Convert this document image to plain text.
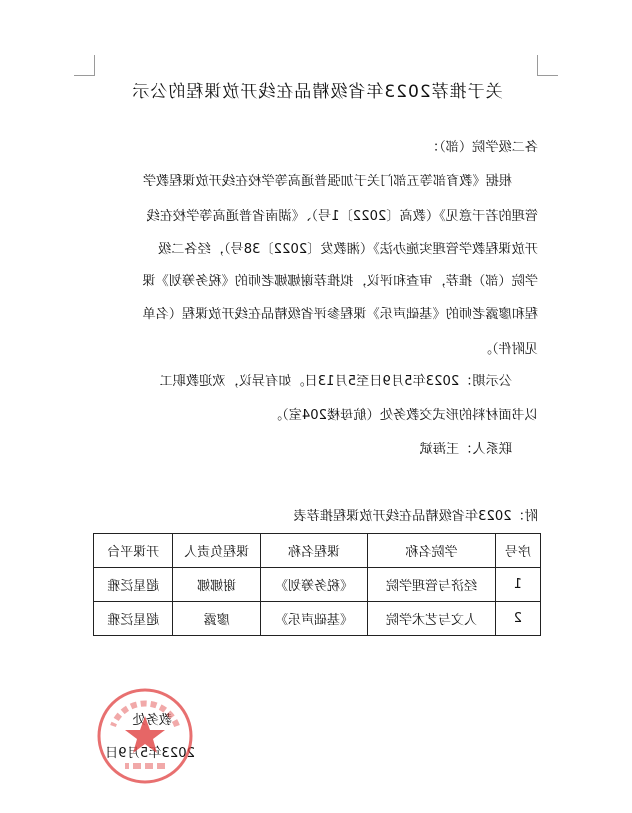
关于推荐2023年省级精品在线开放课程的公示
各二级学院（部）：
根据《教育部等五部门关于加强普通高等学校在线开放课程教学
管理的若干意见》（教高〔2022〕1号）、《湖南省普通高等学校在线
开放课程教学管理实施办法》（湘教发〔2022〕38号），经各二级
学院（部）推荐，审查和评议，拟推荐谢娜娜老师的《税务筹划》课
程和廖露老师的《基础声乐》课程参评省级精品在线开放课程（名单
见附件）。
公示期：2023年5月9日至5月13日。如有异议，欢迎教职工
以书面材料的形式交教务处（航母楼204室）。
联系人：王海斌
附：2023年省级精品在线开放课程推荐表
序号	学院名称	课程名称	课程负责人	开课平台
1	经济与管理学院	《税务筹划》	谢娜娜	超星泛雅
2	人文与艺术学院	《基础声乐》	廖露	超星泛雅
教务处
2023年5月9日
